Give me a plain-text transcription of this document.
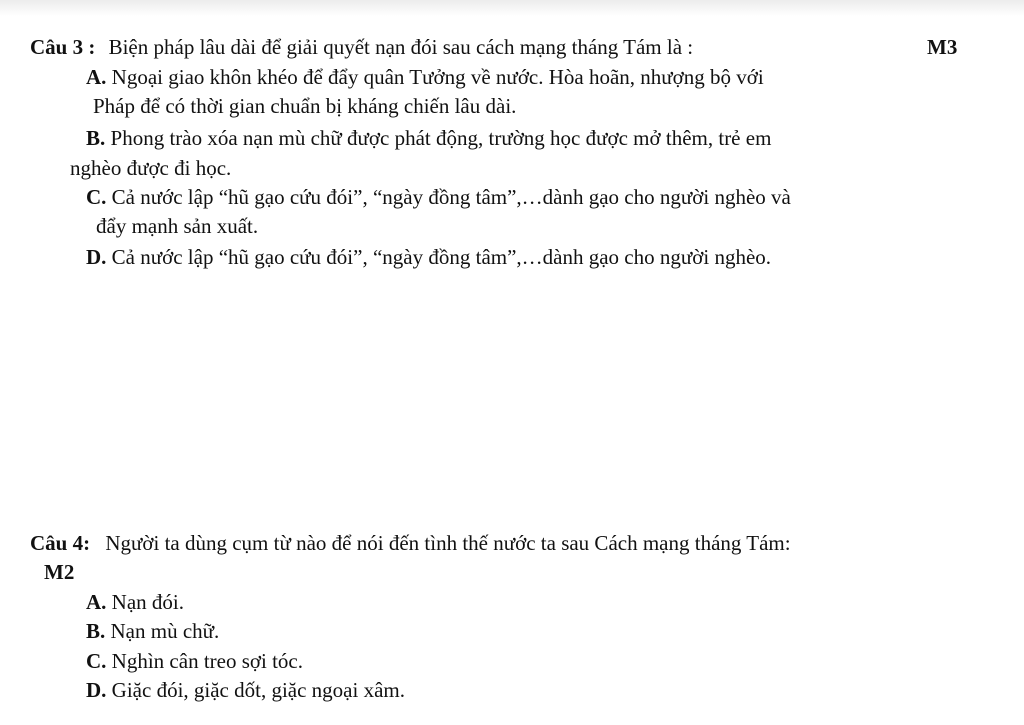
Câu 3 : Biện pháp lâu dài để giải quyết nạn đói sau cách mạng tháng Tám là :	M3
A. Ngoại giao khôn khéo để đẩy quân Tưởng về nước. Hòa hoãn, nhượng bộ với
Pháp để có thời gian chuẩn bị kháng chiến lâu dài.
B. Phong trào xóa nạn mù chữ được phát động, trường học được mở thêm, trẻ em
nghèo được đi học.
C. Cả nước lập “hũ gạo cứu đói”, “ngày đồng tâm”,…dành gạo cho người nghèo và
đẩy mạnh sản xuất.
D. Cả nước lập “hũ gạo cứu đói”, “ngày đồng tâm”,…dành gạo cho người nghèo.
Câu 4: Người ta dùng cụm từ nào để nói đến tình thế nước ta sau Cách mạng tháng Tám:
M2
A. Nạn đói.
B. Nạn mù chữ.
C. Nghìn cân treo sợi tóc.
D. Giặc đói, giặc dốt, giặc ngoại xâm.
